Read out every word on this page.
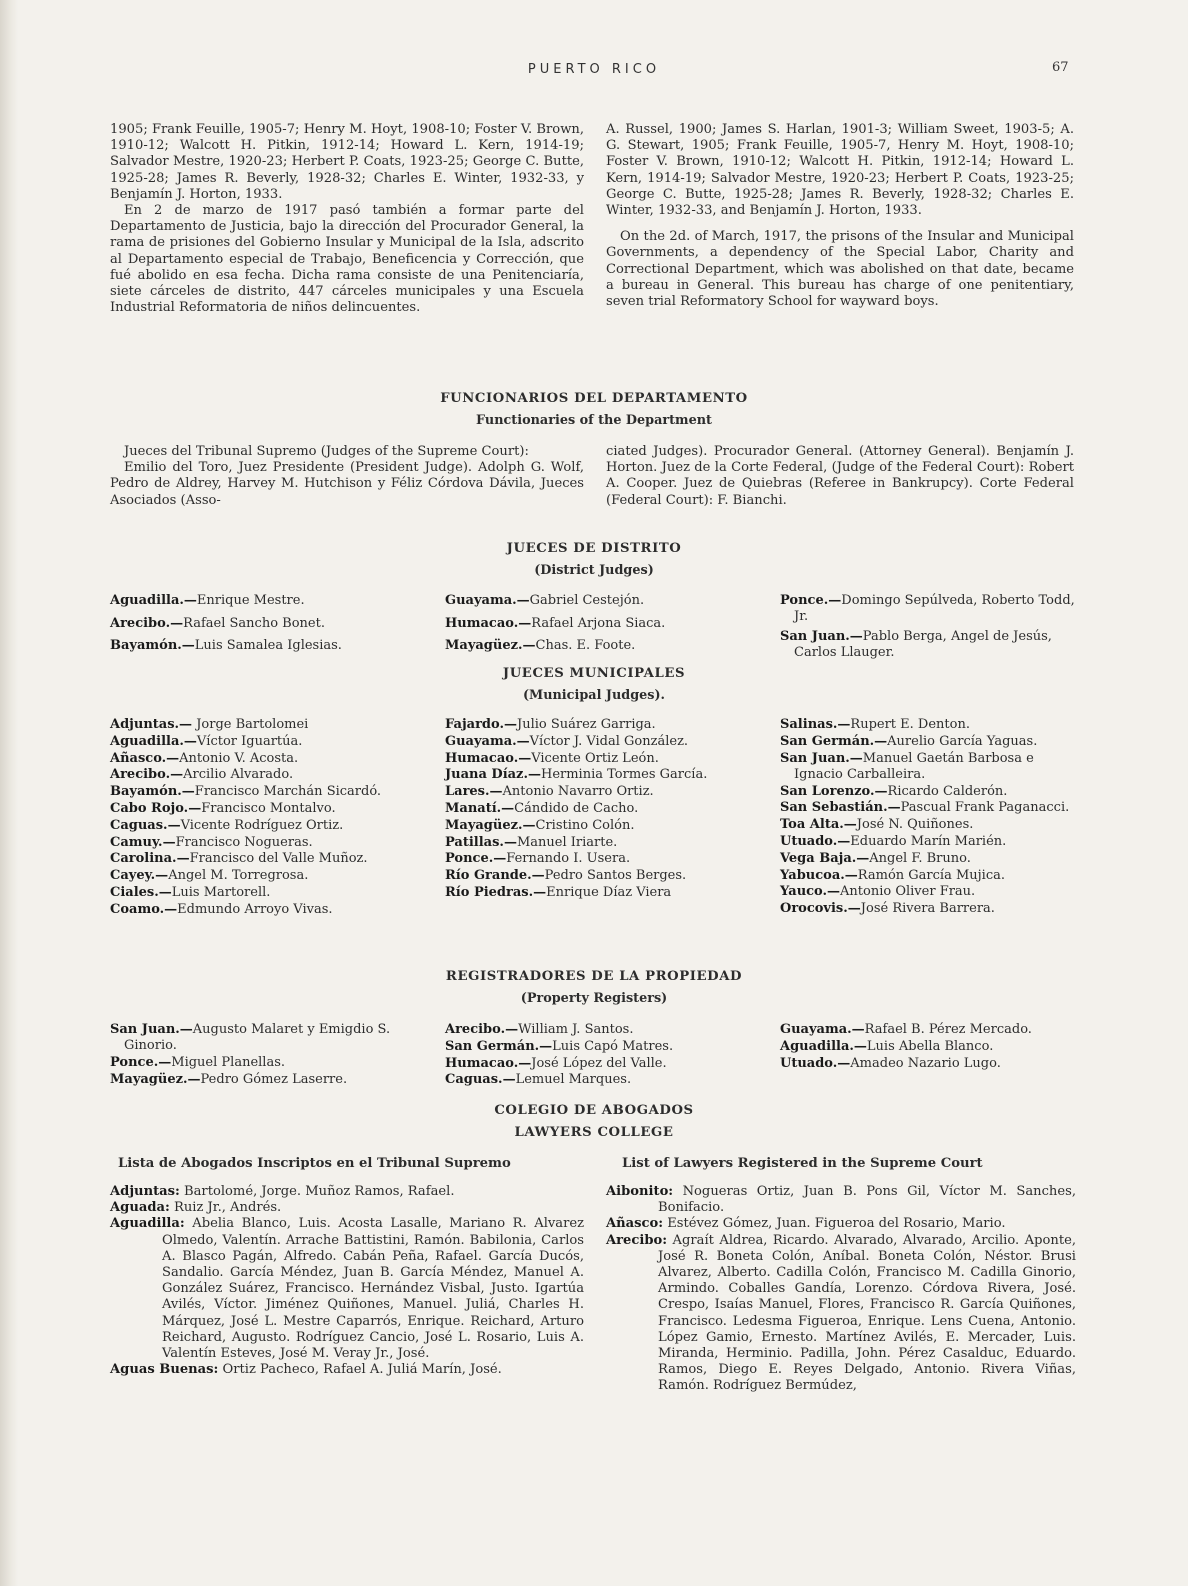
PUERTO RICO	67

1905; Frank Feuille, 1905-7; Henry M. Hoyt, 1908-10; Foster V. Brown, 1910-12; Walcott H. Pitkin, 1912-14; Howard L. Kern, 1914-19; Salvador Mestre, 1920-23; Herbert P. Coats, 1923-25; George C. Butte, 1925-28; James R. Beverly, 1928-32; Charles E. Winter, 1932-33, y Benjamín J. Horton, 1933.

En 2 de marzo de 1917 pasó también a formar parte del Departamento de Justicia, bajo la dirección del Procurador General, la rama de prisiones del Gobierno Insular y Municipal de la Isla, adscrito al Departamento especial de Trabajo, Beneficencia y Corrección, que fué abolido en esa fecha. Dicha rama consiste de una Penitenciaría, siete cárceles de distrito, 447 cárceles municipales y una Escuela Industrial Reformatoria de niños delincuentes.

A. Russel, 1900; James S. Harlan, 1901-3; William Sweet, 1903-5; A. G. Stewart, 1905; Frank Feuille, 1905-7, Henry M. Hoyt, 1908-10; Foster V. Brown, 1910-12; Walcott H. Pitkin, 1912-14; Howard L. Kern, 1914-19; Salvador Mestre, 1920-23; Herbert P. Coats, 1923-25; George C. Butte, 1925-28; James R. Beverly, 1928-32; Charles E. Winter, 1932-33, and Benjamín J. Horton, 1933.

On the 2d. of March, 1917, the prisons of the Insular and Municipal Governments, a dependency of the Special Labor, Charity and Correctional Department, which was abolished on that date, became a bureau in General. This bureau has charge of one penitentiary, seven trial Reformatory School for wayward boys.

FUNCIONARIOS DEL DEPARTAMENTO
Functionaries of the Department

Jueces del Tribunal Supremo (Judges of the Supreme Court):

Emilio del Toro, Juez Presidente (President Judge). Adolph G. Wolf, Pedro de Aldrey, Harvey M. Hutchison y Féliz Córdova Dávila, Jueces Asociados (Asso-

ciated Judges). Procurador General. (Attorney General). Benjamín J. Horton. Juez de la Corte Federal, (Judge of the Federal Court): Robert A. Cooper. Juez de Quiebras (Referee in Bankrupcy). Corte Federal (Federal Court): F. Bianchi.

JUECES DE DISTRITO
(District Judges)
Aguadilla.—Enrique Mestre.
Arecibo.—Rafael Sancho Bonet.
Bayamón.—Luis Samalea Iglesias.
Guayama.—Gabriel Cestejón.
Humacao.—Rafael Arjona Siaca.
Mayagüez.—Chas. E. Foote.
Ponce.—Domingo Sepúlveda, Roberto Todd, Jr.
San Juan.—Pablo Berga, Angel de Jesús, Carlos Llauger.
JUECES MUNICIPALES
(Municipal Judges).
Adjuntas.— Jorge Bartolomei
Aguadilla.—Víctor Iguartúa.
Añasco.—Antonio V. Acosta.
Arecibo.—Arcilio Alvarado.
Bayamón.—Francisco Marchán Sicardó.
Cabo Rojo.—Francisco Montalvo.
Caguas.—Vicente Rodríguez Ortiz.
Camuy.—Francisco Nogueras.
Carolina.—Francisco del Valle Muñoz.
Cayey.—Angel M. Torregrosa.
Ciales.—Luis Martorell.
Coamo.—Edmundo Arroyo Vivas.
Fajardo.—Julio Suárez Garriga.
Guayama.—Víctor J. Vidal González.
Humacao.—Vicente Ortiz León.
Juana Díaz.—Herminia Tormes García.
Lares.—Antonio Navarro Ortiz.
Manatí.—Cándido de Cacho.
Mayagüez.—Cristino Colón.
Patillas.—Manuel Iriarte.
Ponce.—Fernando I. Usera.
Río Grande.—Pedro Santos Berges.
Río Piedras.—Enrique Díaz Viera
Salinas.—Rupert E. Denton.
San Germán.—Aurelio García Yaguas.
San Juan.—Manuel Gaetán Barbosa e Ignacio Carballeira.
San Lorenzo.—Ricardo Calderón.
San Sebastián.—Pascual Frank Paganacci.
Toa Alta.—José N. Quiñones.
Utuado.—Eduardo Marín Marién.
Vega Baja.—Angel F. Bruno.
Yabucoa.—Ramón García Mujica.
Yauco.—Antonio Oliver Frau.
Orocovis.—José Rivera Barrera.
REGISTRADORES DE LA PROPIEDAD
(Property Registers)
San Juan.—Augusto Malaret y Emigdio S. Ginorio.
Ponce.—Miguel Planellas.
Mayagüez.—Pedro Gómez Laserre.
Arecibo.—William J. Santos.
San Germán.—Luis Capó Matres.
Humacao.—José López del Valle.
Caguas.—Lemuel Marques.
Guayama.—Rafael B. Pérez Mercado.
Aguadilla.—Luis Abella Blanco.
Utuado.—Amadeo Nazario Lugo.
COLEGIO DE ABOGADOS
LAWYERS COLLEGE
Lista de Abogados Inscriptos en el Tribunal Supremo	List of Lawyers Registered in the Supreme Court
Adjuntas: Bartolomé, Jorge. Muñoz Ramos, Rafael.
Aguada: Ruiz Jr., Andrés.
Aguadilla: Abelia Blanco, Luis. Acosta Lasalle, Mariano R. Alvarez Olmedo, Valentín. Arrache Battistini, Ramón. Babilonia, Carlos A. Blasco Pagán, Alfredo. Cabán Peña, Rafael. García Ducós, Sandalio. García Méndez, Juan B. García Méndez, Manuel A. González Suárez, Francisco. Hernández Visbal, Justo. Igartúa Avilés, Víctor. Jiménez Quiñones, Manuel. Juliá, Charles H. Márquez, José L. Mestre Caparrós, Enrique. Reichard, Arturo Reichard, Augusto. Rodríguez Cancio, José L. Rosario, Luis A. Valentín Esteves, José M. Veray Jr., José.
Aguas Buenas: Ortiz Pacheco, Rafael A. Juliá Marín, José.
Aibonito: Nogueras Ortiz, Juan B. Pons Gil, Víctor M. Sanches, Bonifacio.
Añasco: Estévez Gómez, Juan. Figueroa del Rosario, Mario.
Arecibo: Agraít Aldrea, Ricardo. Alvarado, Alvarado, Arcilio. Aponte, José R. Boneta Colón, Aníbal. Boneta Colón, Néstor. Brusi Alvarez, Alberto. Cadilla Colón, Francisco M. Cadilla Ginorio, Armindo. Coballes Gandía, Lorenzo. Córdova Rivera, José. Crespo, Isaías Manuel, Flores, Francisco R. García Quiñones, Francisco. Ledesma Figueroa, Enrique. Lens Cuena, Antonio. López Gamio, Ernesto. Martínez Avilés, E. Mercader, Luis. Miranda, Herminio. Padilla, John. Pérez Casalduc, Eduardo. Ramos, Diego E. Reyes Delgado, Antonio. Rivera Viñas, Ramón. Rodríguez Bermúdez,
